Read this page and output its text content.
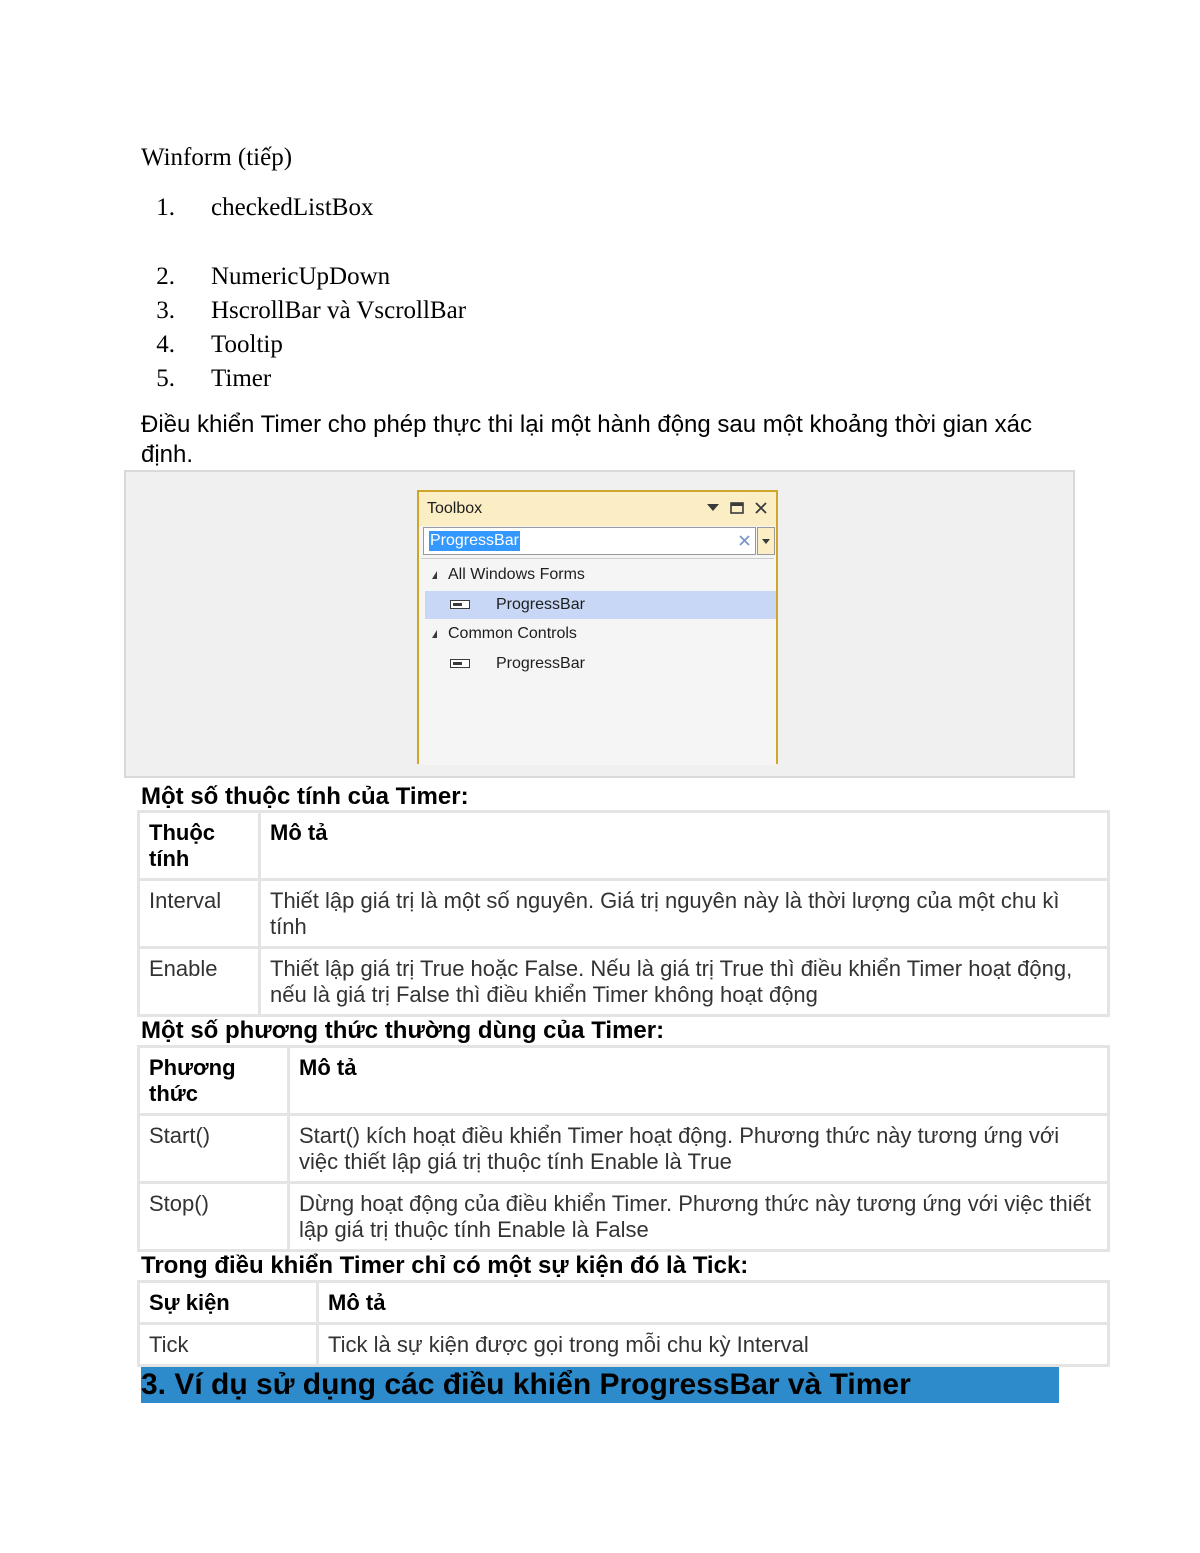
Winform (tiếp)
1. checkedListBox
2. NumericUpDown
3. HscrollBar và VscrollBar
4. Tooltip
5. Timer

Điều khiển Timer cho phép thực thi lại một hành động sau một khoảng thời gian xác định.

Toolbox
ProgressBar
All Windows Forms
ProgressBar
Common Controls
ProgressBar
Một số thuộc tính của Timer:
Thuộc tính	Mô tả
Interval	Thiết lập giá trị là một số nguyên. Giá trị nguyên này là thời lượng của một chu kì tính
Enable	Thiết lập giá trị True hoặc False. Nếu là giá trị True thì điều khiển Timer hoạt động, nếu là giá trị False thì điều khiển Timer không hoạt động
Một số phương thức thường dùng của Timer:
Phương thức	Mô tả
Start()	Start() kích hoạt điều khiển Timer hoạt động. Phương thức này tương ứng với việc thiết lập giá trị thuộc tính Enable là True
Stop()	Dừng hoạt động của điều khiển Timer. Phương thức này tương ứng với việc thiết lập giá trị thuộc tính Enable là False
Trong điều khiển Timer chỉ có một sự kiện đó là Tick:
Sự kiện	Mô tả
Tick	Tick là sự kiện được gọi trong mỗi chu kỳ Interval
3. Ví dụ sử dụng các điều khiển ProgressBar và Timer
